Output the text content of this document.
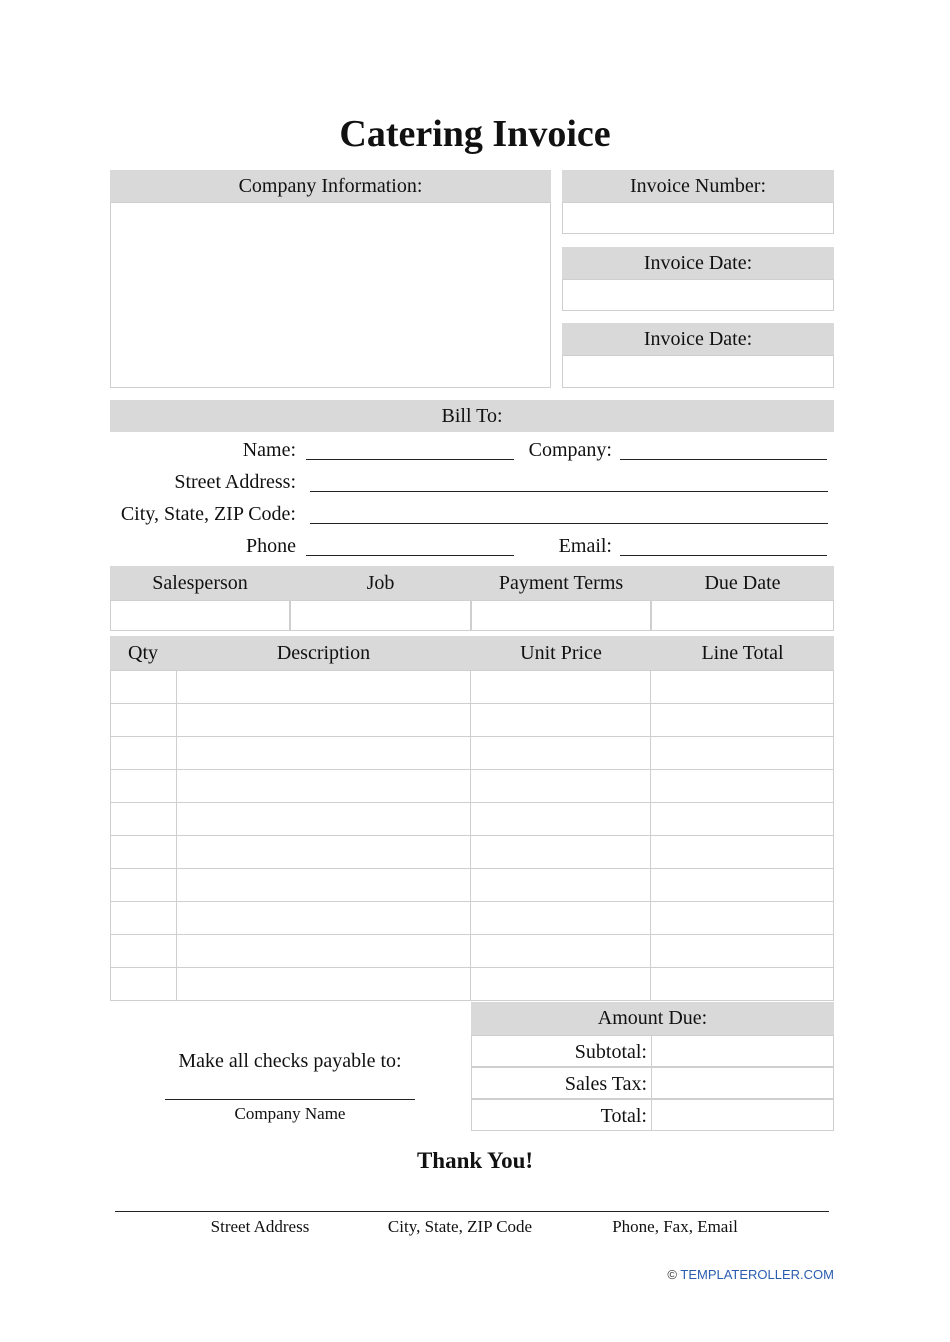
Catering Invoice
Company Information:	Invoice Number:
Invoice Date:
Invoice Date:
Bill To:
Name:	Company:
Street Address:
City, State, ZIP Code:
Phone	Email:
Salesperson	Job	Payment Terms	Due Date
Qty	Description	Unit Price	Line Total

Make all checks payable to:
Company Name
Amount Due:
Subtotal:
Sales Tax:
Total:
Thank You!
Street Address	City, State, ZIP Code	Phone, Fax, Email
© TEMPLATEROLLER.COM
